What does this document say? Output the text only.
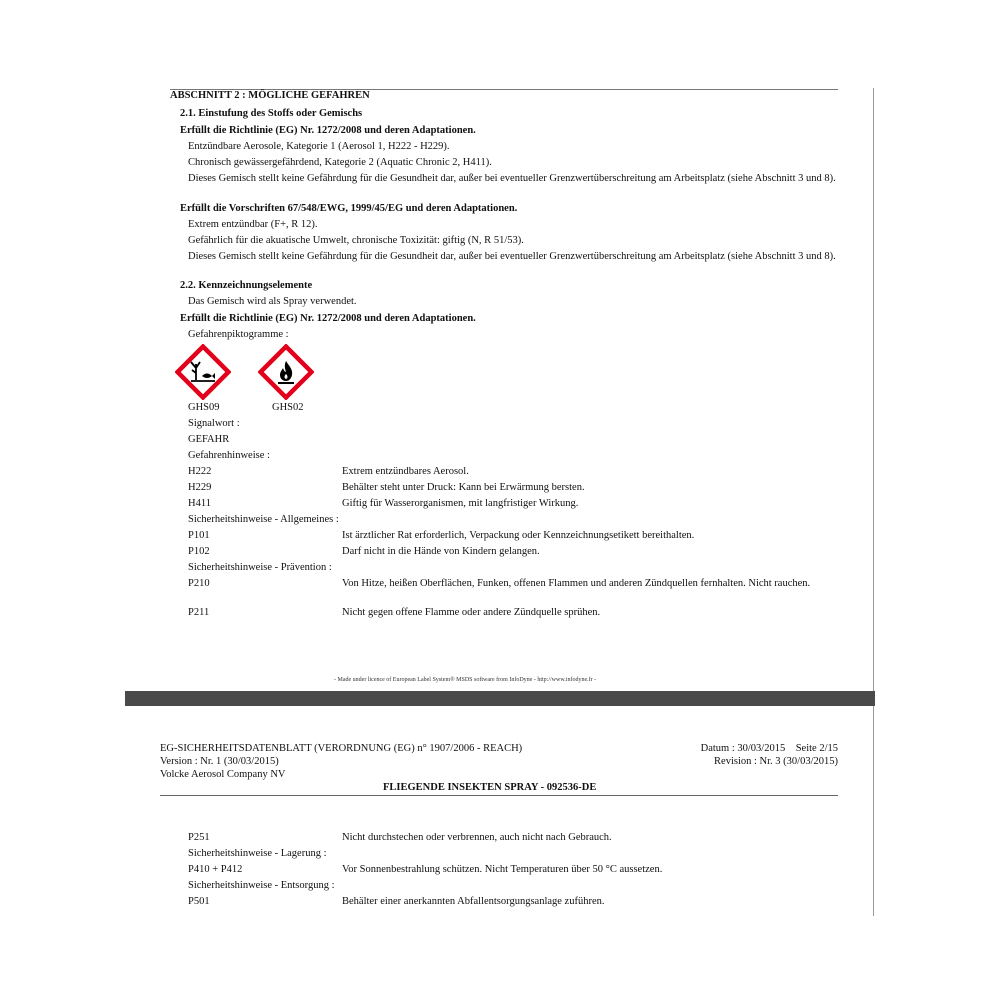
ABSCHNITT 2 : MÖGLICHE GEFAHREN
2.1. Einstufung des Stoffs oder Gemischs
Erfüllt die Richtlinie (EG) Nr. 1272/2008 und deren Adaptationen.
Entzündbare Aerosole, Kategorie 1 (Aerosol 1, H222 - H229).
Chronisch gewässergefährdend, Kategorie 2 (Aquatic Chronic 2, H411).
Dieses Gemisch stellt keine Gefährdung für die Gesundheit dar, außer bei eventueller Grenzwertüberschreitung am Arbeitsplatz (siehe Abschnitt 3 und 8).
Erfüllt die Vorschriften 67/548/EWG, 1999/45/EG und deren Adaptationen.
Extrem entzündbar (F+, R 12).
Gefährlich für die akuatische Umwelt, chronische Toxizität: giftig (N, R 51/53).
Dieses Gemisch stellt keine Gefährdung für die Gesundheit dar, außer bei eventueller Grenzwertüberschreitung am Arbeitsplatz (siehe Abschnitt 3 und 8).
2.2. Kennzeichnungselemente
Das Gemisch wird als Spray verwendet.
Erfüllt die Richtlinie (EG) Nr. 1272/2008 und deren Adaptationen.
Gefahrenpiktogramme :
GHS09	GHS02
Signalwort :
GEFAHR
Gefahrenhinweise :
H222	Extrem entzündbares Aerosol.
H229	Behälter steht unter Druck: Kann bei Erwärmung bersten.
H411	Giftig für Wasserorganismen, mit langfristiger Wirkung.
Sicherheitshinweise - Allgemeines :
P101	Ist ärztlicher Rat erforderlich, Verpackung oder Kennzeichnungsetikett bereithalten.
P102	Darf nicht in die Hände von Kindern gelangen.
Sicherheitshinweise - Prävention :
P210	Von Hitze, heißen Oberflächen, Funken, offenen Flammen und anderen Zündquellen fernhalten. Nicht rauchen.
P211	Nicht gegen offene Flamme oder andere Zündquelle sprühen.
- Made under licence of European Label System® MSDS software from InfoDyne - http://www.infodyne.fr -
EG-SICHERHEITSDATENBLATT (VERORDNUNG (EG) n° 1907/2006 - REACH)
Version : Nr. 1 (30/03/2015)
Volcke Aerosol Company NV
Datum : 30/03/2015    Seite 2/15
Revision : Nr. 3 (30/03/2015)
FLIEGENDE INSEKTEN SPRAY - 092536-DE
P251	Nicht durchstechen oder verbrennen, auch nicht nach Gebrauch.
Sicherheitshinweise - Lagerung :
P410 + P412	Vor Sonnenbestrahlung schützen. Nicht Temperaturen über 50 °C aussetzen.
Sicherheitshinweise - Entsorgung :
P501	Behälter einer anerkannten Abfallentsorgungsanlage zuführen.
